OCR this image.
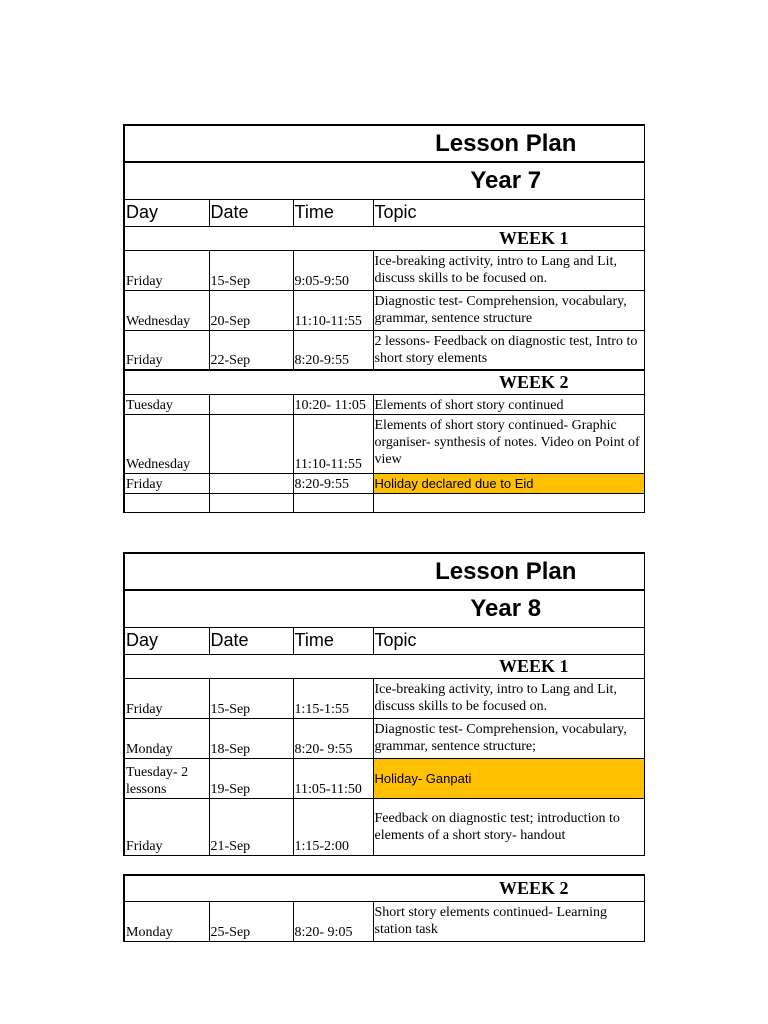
Lesson Plan			
Year 7			
Day	Date	Time	Topic
WEEK 1			
Friday	15-Sep	9:05-9:50	Ice-breaking activity, intro to Lang and Lit, discuss skills to be focused on.
Wednesday	20-Sep	11:10-11:55	Diagnostic test- Comprehension, vocabulary, grammar, sentence structure
Friday	22-Sep	8:20-9:55	2 lessons- Feedback on diagnostic test, Intro to short story elements
WEEK 2			
Tuesday		10:20- 11:05	Elements of short story continued
Wednesday		11:10-11:55	Elements of short story continued- Graphic organiser- synthesis of notes. Video on Point of view
Friday		8:20-9:55	Holiday declared due to Eid

Lesson Plan			
Year 8			
Day	Date	Time	Topic
WEEK 1			
Friday	15-Sep	1:15-1:55	Ice-breaking activity, intro to Lang and Lit, discuss skills to be focused on.
Monday	18-Sep	8:20- 9:55	Diagnostic test- Comprehension, vocabulary, grammar, sentence structure;
Tuesday- 2 lessons	19-Sep	11:05-11:50	Holiday- Ganpati
Friday	21-Sep	1:15-2:00	Feedback on diagnostic test; introduction to elements of a short story- handout
WEEK 2
Monday	25-Sep	8:20- 9:05	Short story elements continued- Learning station task
